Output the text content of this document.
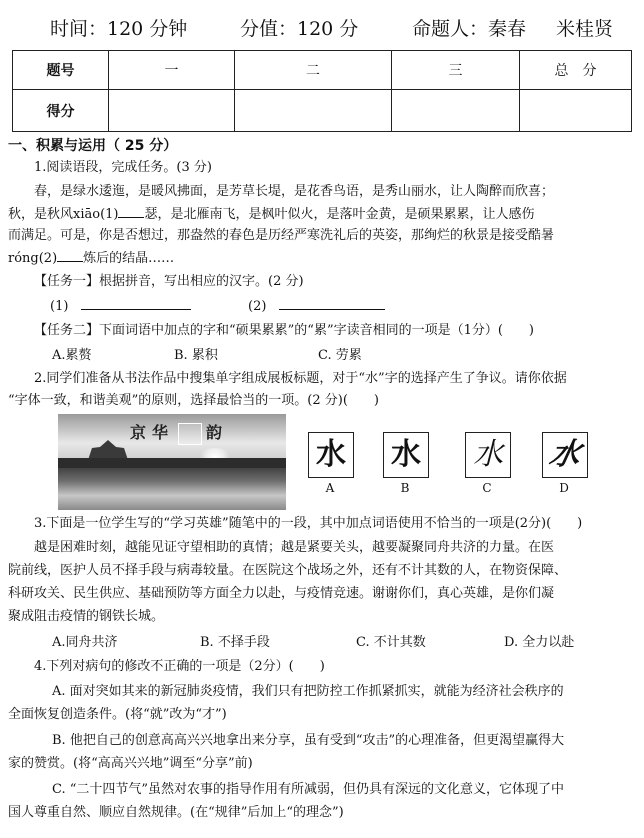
时间：120 分钟	分值：120 分	命题人：秦春 米桂贤
题号	一	二	三	总　分
得分				
一、积累与运用（ 25 分）
1.阅读语段，完成任务。(3 分)
春，是绿水逶迤，是暖风拂面，是芳草长堤，是花香鸟语，是秀山丽水，让人陶醉而欣喜；
秋，是秋风xiāo(1) 瑟，是北雁南飞，是枫叶似火，是落叶金黄，是硕果累累，让人感伤
而满足。可是，你是否想过，那盎然的春色是历经严寒洗礼后的英姿，那绚烂的秋景是接受酷暑
róng(2) 炼后的结晶……
【任务一】根据拼音，写出相应的汉字。(2 分)
(1)	(2)
【任务二】下面词语中加点的字和“硕果累累”的“累”字读音相同的一项是（1分）(　　)
A.累赘	B. 累积	C. 劳累
2.同学们准备从书法作品中搜集单字组成展板标题，对于“水”字的选择产生了争议。请你依据
“字体一致，和谐美观”的原则，选择最恰当的一项。(2 分)(　　)
京华 韵
水 水 水 水
A	B	C	D
3.下面是一位学生写的“学习英雄”随笔中的一段，其中加点词语使用不恰当的一项是(2分)(　　)
越是困难时刻，越能见证守望相助的真情；越是紧要关头，越要凝聚同舟共济的力量。在医
院前线，医护人员不择手段与病毒较量。在医院这个战场之外，还有不计其数的人，在物资保障、
科研攻关、民生供应、基础预防等方面全力以赴，与疫情竞速。谢谢你们，真心英雄，是你们凝
聚成阻击疫情的钢铁长城。
A.同舟共济	B. 不择手段	C. 不计其数	D. 全力以赴
4.下列对病句的修改不正确的一项是（2分）(　　)
A. 面对突如其来的新冠肺炎疫情，我们只有把防控工作抓紧抓实，就能为经济社会秩序的
全面恢复创造条件。(将“就”改为“才”)
B. 他把自己的创意高高兴兴地拿出来分享，虽有受到“攻击”的心理准备，但更渴望赢得大
家的赞赏。(将“高高兴兴地”调至“分享”前)
C. “二十四节气”虽然对农事的指导作用有所减弱，但仍具有深远的文化意义，它体现了中
国人尊重自然、顺应自然规律。(在“规律”后加上“的理念”)
